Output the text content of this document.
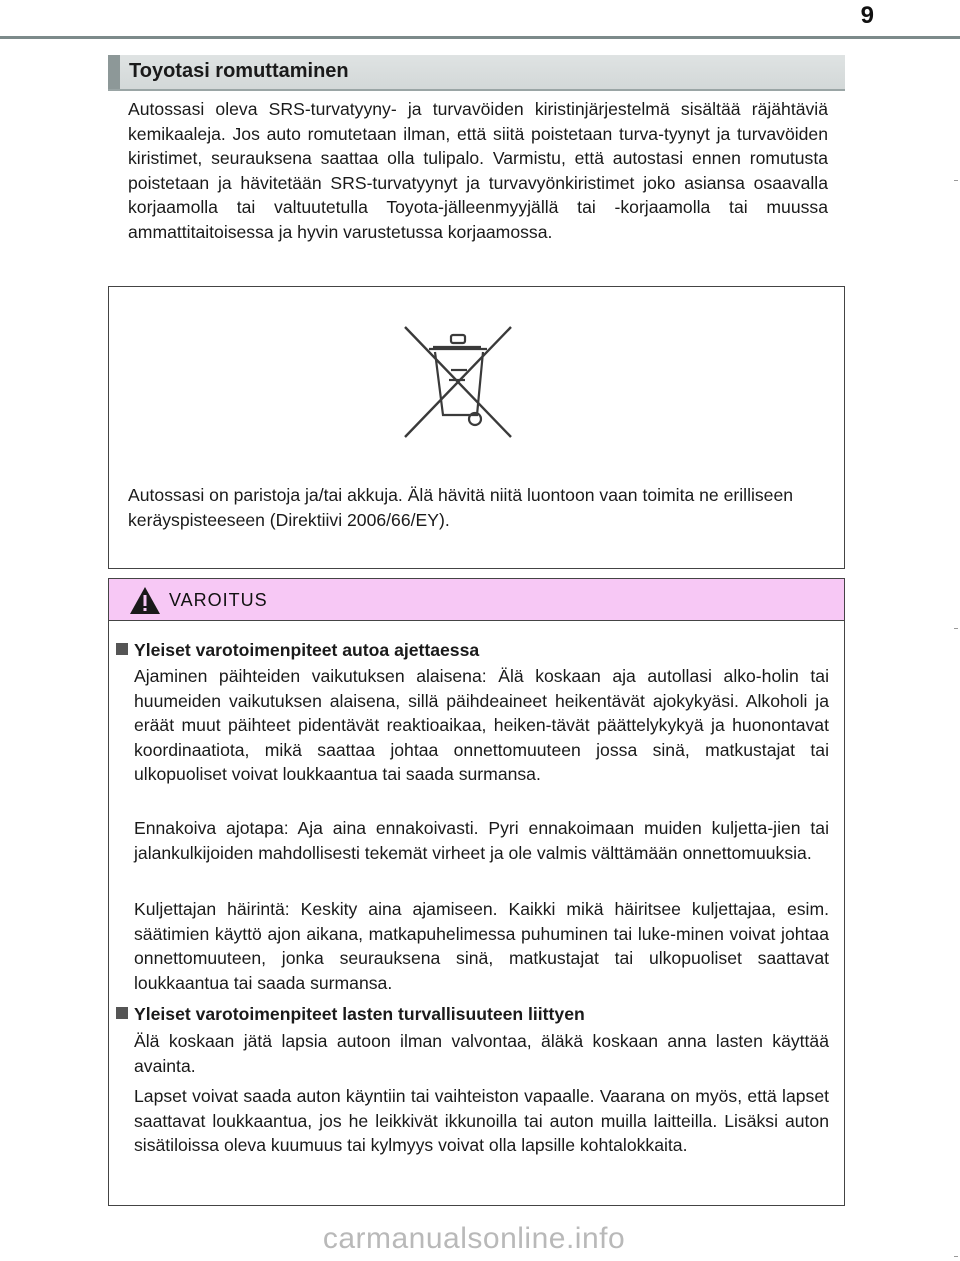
9
Toyotasi romuttaminen
Autossasi oleva SRS-turvatyyny- ja turvavöiden kiristinjärjestelmä sisältää räjähtäviä kemikaaleja. Jos auto romutetaan ilman, että siitä poistetaan turva-tyynyt ja turvavöiden kiristimet, seurauksena saattaa olla tulipalo. Varmistu, että autostasi ennen romutusta poistetaan ja hävitetään SRS-turvatyynyt ja turvavyönkiristimet joko asiansa osaavalla korjaamolla tai valtuutetulla Toyota-jälleenmyyjällä tai -korjaamolla tai muussa ammattitaitoisessa ja hyvin varustetussa korjaamossa.
Autossasi on paristoja ja/tai akkuja. Älä hävitä niitä luontoon vaan toimita ne erilliseen keräyspisteeseen (Direktiivi 2006/66/EY).
VAROITUS
Yleiset varotoimenpiteet autoa ajettaessa
Ajaminen päihteiden vaikutuksen alaisena: Älä koskaan aja autollasi alko-holin tai huumeiden vaikutuksen alaisena, sillä päihdeaineet heikentävät ajokykyäsi. Alkoholi ja eräät muut päihteet pidentävät reaktioaikaa, heiken-tävät päättelykykyä ja huonontavat koordinaatiota, mikä saattaa johtaa onnettomuuteen jossa sinä, matkustajat tai ulkopuoliset voivat loukkaantua tai saada surmansa.
Ennakoiva ajotapa: Aja aina ennakoivasti. Pyri ennakoimaan muiden kuljetta-jien tai jalankulkijoiden mahdollisesti tekemät virheet ja ole valmis välttämään onnettomuuksia.
Kuljettajan häirintä: Keskity aina ajamiseen. Kaikki mikä häiritsee kuljettajaa, esim. säätimien käyttö ajon aikana, matkapuhelimessa puhuminen tai luke-minen voivat johtaa onnettomuuteen, jonka seurauksena sinä, matkustajat tai ulkopuoliset saattavat loukkaantua tai saada surmansa.
Yleiset varotoimenpiteet lasten turvallisuuteen liittyen
Älä koskaan jätä lapsia autoon ilman valvontaa, äläkä koskaan anna lasten käyttää avainta.
Lapset voivat saada auton käyntiin tai vaihteiston vapaalle. Vaarana on myös, että lapset saattavat loukkaantua, jos he leikkivät ikkunoilla tai auton muilla laitteilla. Lisäksi auton sisätiloissa oleva kuumuus tai kylmyys voivat olla lapsille kohtalokkaita.
carmanualsonline.info
